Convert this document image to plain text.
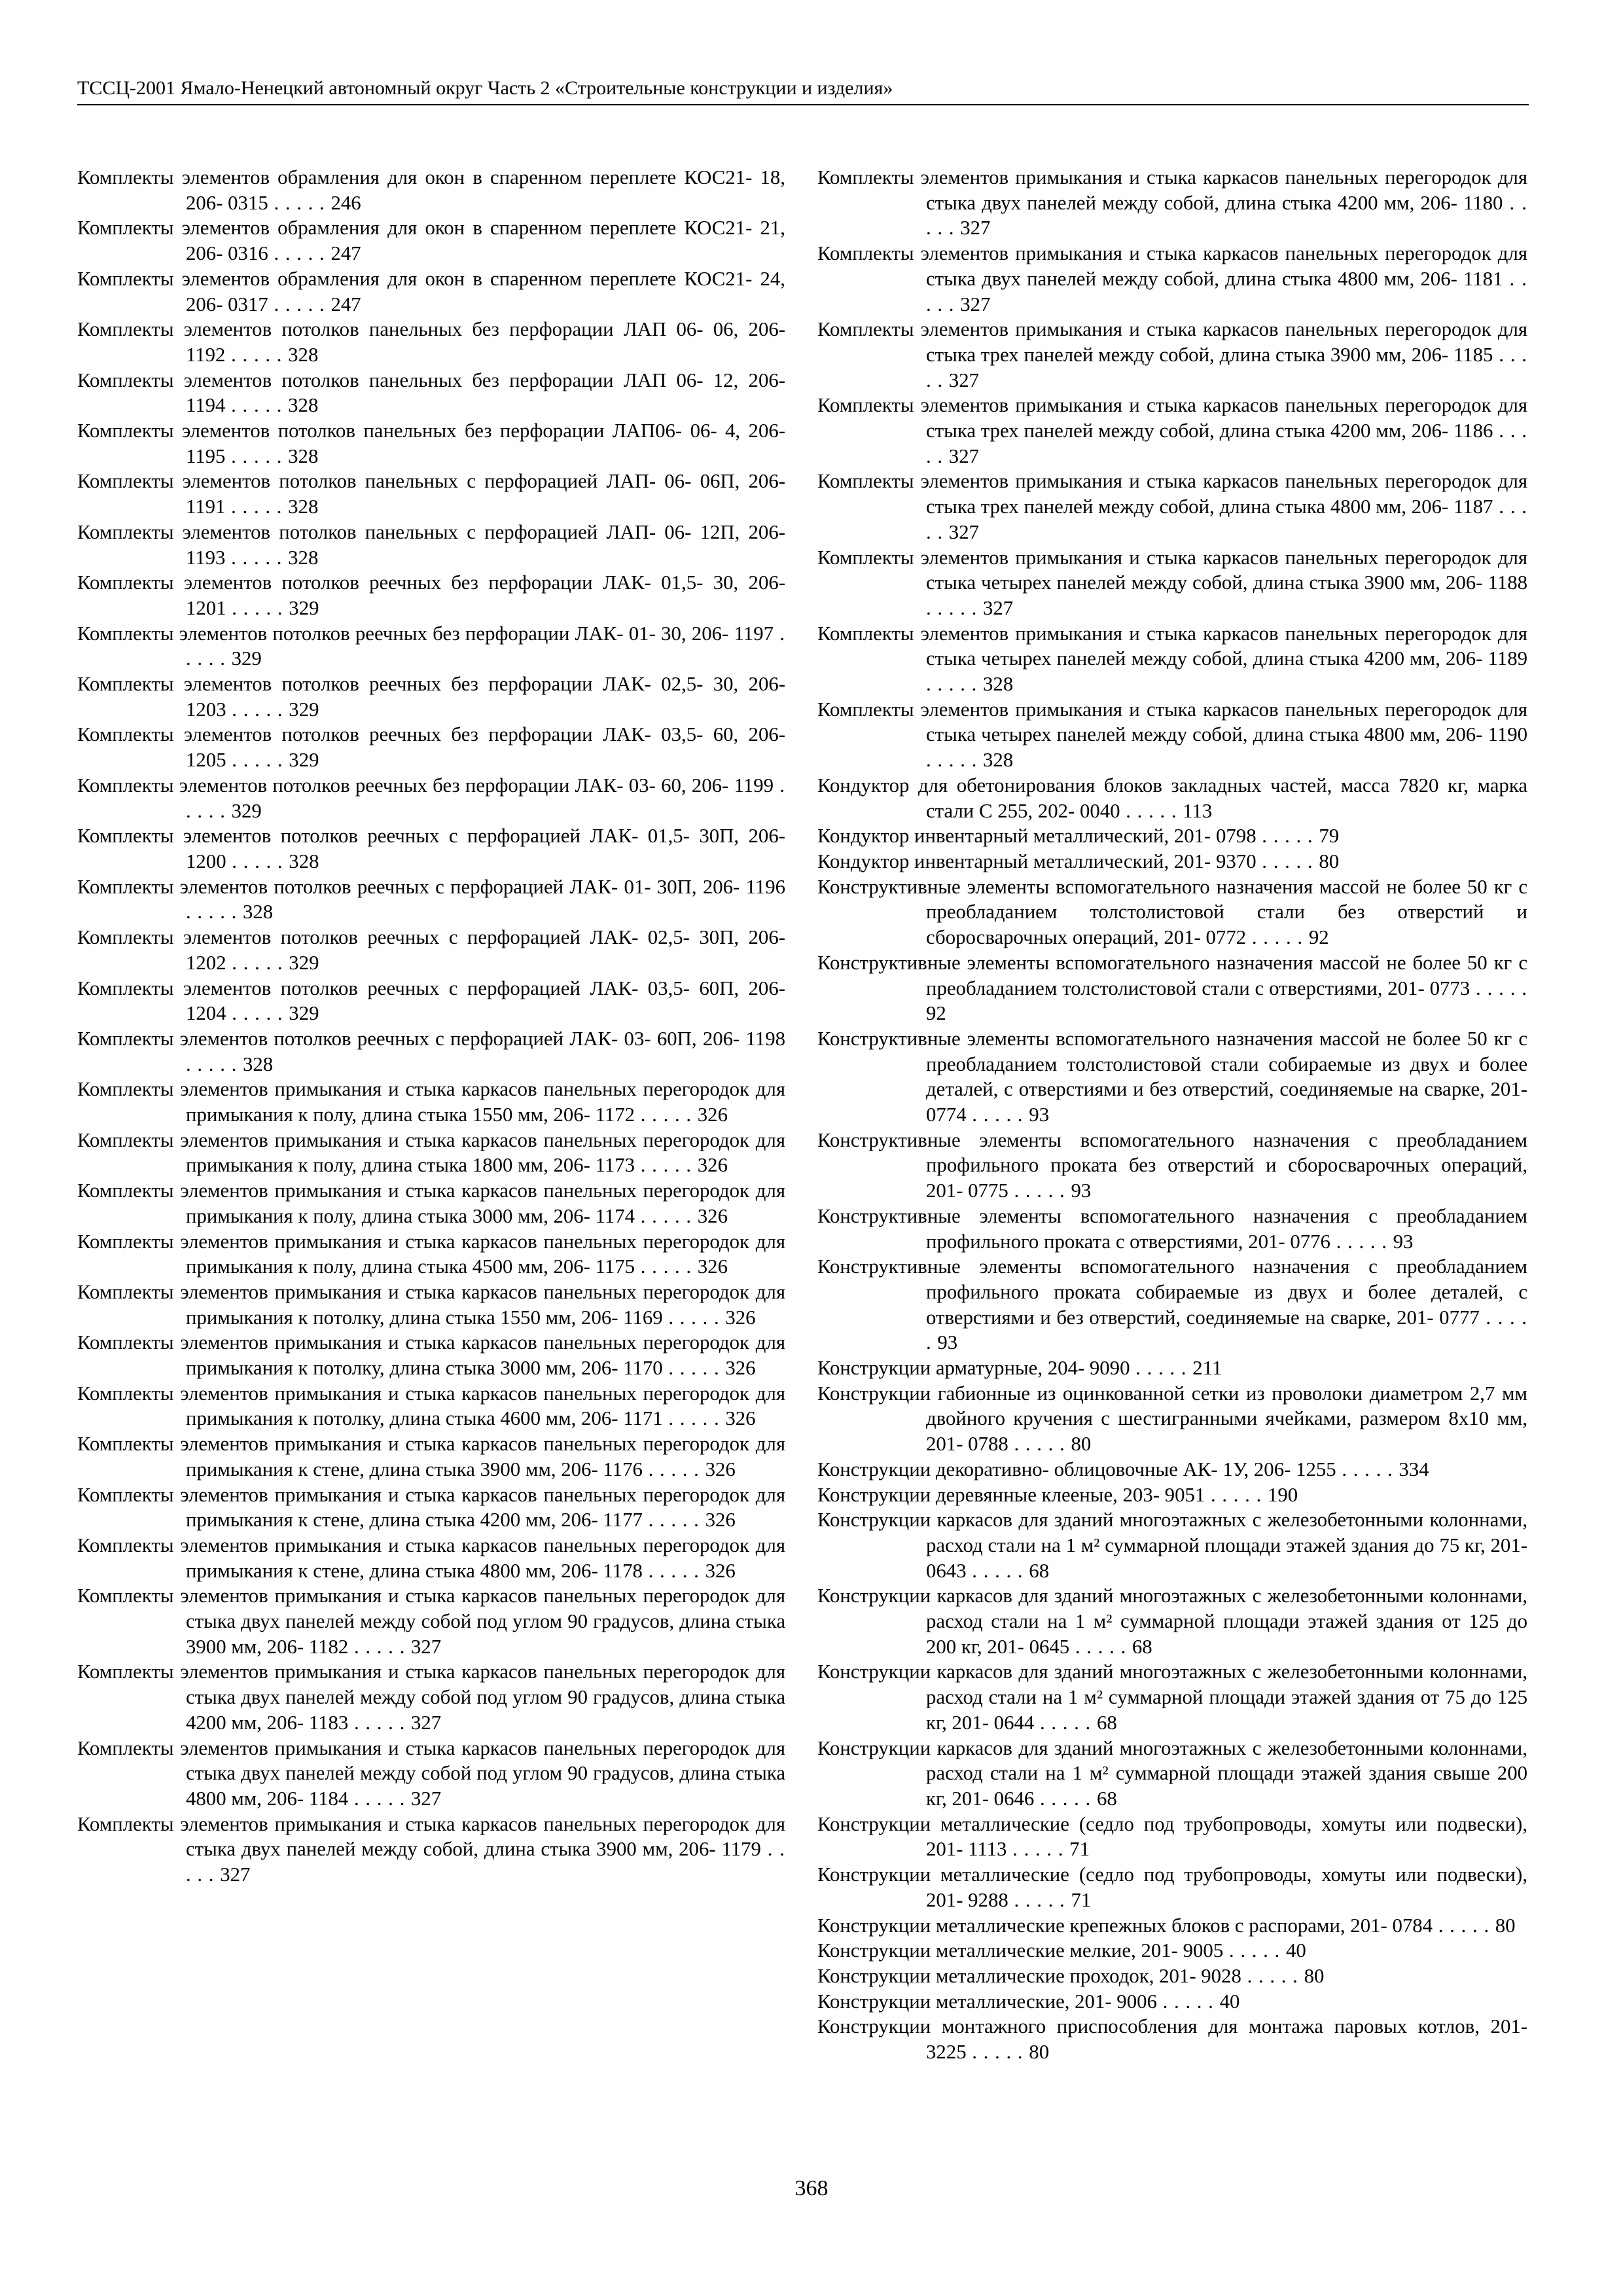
ТССЦ-2001 Ямало-Ненецкий автономный округ Часть 2 «Строительные конструкции и изделия»

Комплекты элементов обрамления для окон в спаренном переплете КОС21- 18, 206- 0315 . . . . . 246

Комплекты элементов обрамления для окон в спаренном переплете КОС21- 21, 206- 0316 . . . . . 247

Комплекты элементов обрамления для окон в спаренном переплете КОС21- 24, 206- 0317 . . . . . 247

Комплекты элементов потолков панельных без перфорации ЛАП 06- 06, 206- 1192 . . . . . 328

Комплекты элементов потолков панельных без перфорации ЛАП 06- 12, 206- 1194 . . . . . 328

Комплекты элементов потолков панельных без перфорации ЛАП06- 06- 4, 206- 1195 . . . . . 328

Комплекты элементов потолков панельных с перфорацией ЛАП- 06- 06П, 206- 1191 . . . . . 328

Комплекты элементов потолков панельных с перфорацией ЛАП- 06- 12П, 206- 1193 . . . . . 328

Комплекты элементов потолков реечных без перфорации ЛАК- 01,5- 30, 206- 1201 . . . . . 329

Комплекты элементов потолков реечных без перфорации ЛАК- 01- 30, 206- 1197 . . . . . 329

Комплекты элементов потолков реечных без перфорации ЛАК- 02,5- 30, 206- 1203 . . . . . 329

Комплекты элементов потолков реечных без перфорации ЛАК- 03,5- 60, 206- 1205 . . . . . 329

Комплекты элементов потолков реечных без перфорации ЛАК- 03- 60, 206- 1199 . . . . . 329

Комплекты элементов потолков реечных с перфорацией ЛАК- 01,5- 30П, 206- 1200 . . . . . 328

Комплекты элементов потолков реечных с перфорацией ЛАК- 01- 30П, 206- 1196 . . . . . 328

Комплекты элементов потолков реечных с перфорацией ЛАК- 02,5- 30П, 206- 1202 . . . . . 329

Комплекты элементов потолков реечных с перфорацией ЛАК- 03,5- 60П, 206- 1204 . . . . . 329

Комплекты элементов потолков реечных с перфорацией ЛАК- 03- 60П, 206- 1198 . . . . . 328

Комплекты элементов примыкания и стыка каркасов панельных перегородок для примыкания к полу, длина стыка 1550 мм, 206- 1172 . . . . . 326

Комплекты элементов примыкания и стыка каркасов панельных перегородок для примыкания к полу, длина стыка 1800 мм, 206- 1173 . . . . . 326

Комплекты элементов примыкания и стыка каркасов панельных перегородок для примыкания к полу, длина стыка 3000 мм, 206- 1174 . . . . . 326

Комплекты элементов примыкания и стыка каркасов панельных перегородок для примыкания к полу, длина стыка 4500 мм, 206- 1175 . . . . . 326

Комплекты элементов примыкания и стыка каркасов панельных перегородок для примыкания к потолку, длина стыка 1550 мм, 206- 1169 . . . . . 326

Комплекты элементов примыкания и стыка каркасов панельных перегородок для примыкания к потолку, длина стыка 3000 мм, 206- 1170 . . . . . 326

Комплекты элементов примыкания и стыка каркасов панельных перегородок для примыкания к потолку, длина стыка 4600 мм, 206- 1171 . . . . . 326

Комплекты элементов примыкания и стыка каркасов панельных перегородок для примыкания к стене, длина стыка 3900 мм, 206- 1176 . . . . . 326

Комплекты элементов примыкания и стыка каркасов панельных перегородок для примыкания к стене, длина стыка 4200 мм, 206- 1177 . . . . . 326

Комплекты элементов примыкания и стыка каркасов панельных перегородок для примыкания к стене, длина стыка 4800 мм, 206- 1178 . . . . . 326

Комплекты элементов примыкания и стыка каркасов панельных перегородок для стыка двух панелей между собой под углом 90 градусов, длина стыка 3900 мм, 206- 1182 . . . . . 327

Комплекты элементов примыкания и стыка каркасов панельных перегородок для стыка двух панелей между собой под углом 90 градусов, длина стыка 4200 мм, 206- 1183 . . . . . 327

Комплекты элементов примыкания и стыка каркасов панельных перегородок для стыка двух панелей между собой под углом 90 градусов, длина стыка 4800 мм, 206- 1184 . . . . . 327

Комплекты элементов примыкания и стыка каркасов панельных перегородок для стыка двух панелей между собой, длина стыка 3900 мм, 206- 1179 . . . . . 327

Комплекты элементов примыкания и стыка каркасов панельных перегородок для стыка двух панелей между собой, длина стыка 4200 мм, 206- 1180 . . . . . 327

Комплекты элементов примыкания и стыка каркасов панельных перегородок для стыка двух панелей между собой, длина стыка 4800 мм, 206- 1181 . . . . . 327

Комплекты элементов примыкания и стыка каркасов панельных перегородок для стыка трех панелей между собой, длина стыка 3900 мм, 206- 1185 . . . . . 327

Комплекты элементов примыкания и стыка каркасов панельных перегородок для стыка трех панелей между собой, длина стыка 4200 мм, 206- 1186 . . . . . 327

Комплекты элементов примыкания и стыка каркасов панельных перегородок для стыка трех панелей между собой, длина стыка 4800 мм, 206- 1187 . . . . . 327

Комплекты элементов примыкания и стыка каркасов панельных перегородок для стыка четырех панелей между собой, длина стыка 3900 мм, 206- 1188 . . . . . 327

Комплекты элементов примыкания и стыка каркасов панельных перегородок для стыка четырех панелей между собой, длина стыка 4200 мм, 206- 1189 . . . . . 328

Комплекты элементов примыкания и стыка каркасов панельных перегородок для стыка четырех панелей между собой, длина стыка 4800 мм, 206- 1190 . . . . . 328

Кондуктор для обетонирования блоков закладных частей, масса 7820 кг, марка стали С 255, 202- 0040 . . . . . 113

Кондуктор инвентарный металлический, 201- 0798 . . . . . 79

Кондуктор инвентарный металлический, 201- 9370 . . . . . 80

Конструктивные элементы вспомогательного назначения массой не более 50 кг с преобладанием толстолистовой стали без отверстий и сборосварочных операций, 201- 0772 . . . . . 92

Конструктивные элементы вспомогательного назначения массой не более 50 кг с преобладанием толстолистовой стали с отверстиями, 201- 0773 . . . . . 92

Конструктивные элементы вспомогательного назначения массой не более 50 кг с преобладанием толстолистовой стали собираемые из двух и более деталей, с отверстиями и без отверстий, соединяемые на сварке, 201- 0774 . . . . . 93

Конструктивные элементы вспомогательного назначения с преобладанием профильного проката без отверстий и сборосварочных операций, 201- 0775 . . . . . 93

Конструктивные элементы вспомогательного назначения с преобладанием профильного проката с отверстиями, 201- 0776 . . . . . 93

Конструктивные элементы вспомогательного назначения с преобладанием профильного проката собираемые из двух и более деталей, с отверстиями и без отверстий, соединяемые на сварке, 201- 0777 . . . . . 93

Конструкции арматурные, 204- 9090 . . . . . 211

Конструкции габионные из оцинкованной сетки из проволоки диаметром 2,7 мм двойного кручения с шестигранными ячейками, размером 8х10 мм, 201- 0788 . . . . . 80

Конструкции декоративно- облицовочные АК- 1У, 206- 1255 . . . . . 334

Конструкции деревянные клееные, 203- 9051 . . . . . 190

Конструкции каркасов для зданий многоэтажных с железобетонными колоннами, расход стали на 1 м² суммарной площади этажей здания до 75 кг, 201- 0643 . . . . . 68

Конструкции каркасов для зданий многоэтажных с железобетонными колоннами, расход стали на 1 м² суммарной площади этажей здания от 125 до 200 кг, 201- 0645 . . . . . 68

Конструкции каркасов для зданий многоэтажных с железобетонными колоннами, расход стали на 1 м² суммарной площади этажей здания от 75 до 125 кг, 201- 0644 . . . . . 68

Конструкции каркасов для зданий многоэтажных с железобетонными колоннами, расход стали на 1 м² суммарной площади этажей здания свыше 200 кг, 201- 0646 . . . . . 68

Конструкции металлические (седло под трубопроводы, хомуты или подвески), 201- 1113 . . . . . 71

Конструкции металлические (седло под трубопроводы, хомуты или подвески), 201- 9288 . . . . . 71

Конструкции металлические крепежных блоков с распорами, 201- 0784 . . . . . 80

Конструкции металлические мелкие, 201- 9005 . . . . . 40

Конструкции металлические проходок, 201- 9028 . . . . . 80

Конструкции металлические, 201- 9006 . . . . . 40

Конструкции монтажного приспособления для монтажа паровых котлов, 201- 3225 . . . . . 80

368
